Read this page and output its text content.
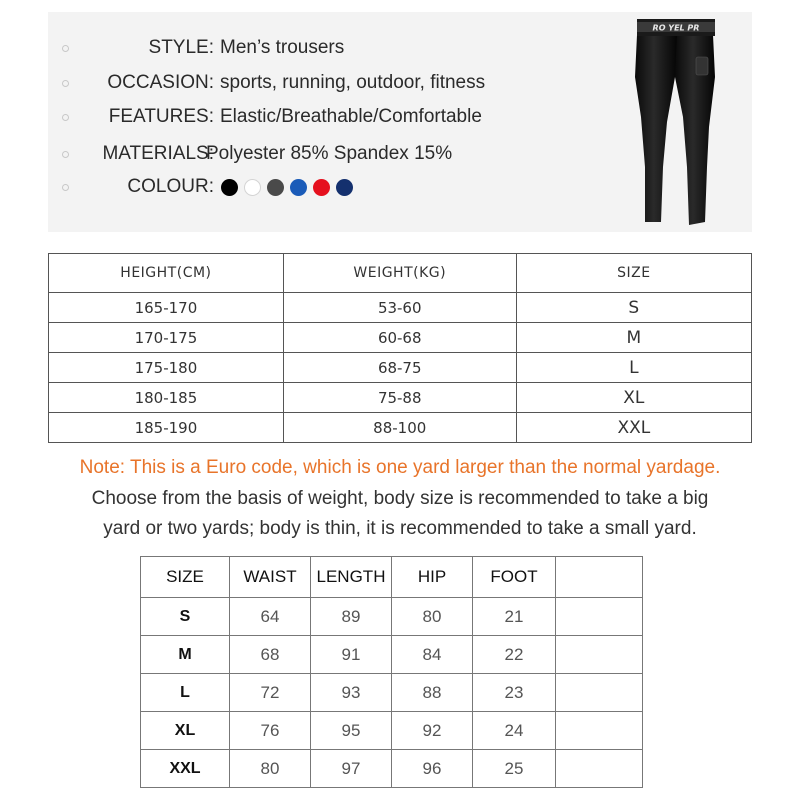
STYLE: Men’s trousers
OCCASION: sports, running, outdoor, fitness
FEATURES: Elastic/Breathable/Comfortable
MATERIALS:
Polyester 85% Spandex 15%
COLOUR:
RO YEL PR
HEIGHT(CM)	WEIGHT(KG)	SIZE
165-170	53-60	S
170-175	60-68	M
175-180	68-75	L
180-185	75-88	XL
185-190	88-100	XXL
Note: This is a Euro code, which is one yard larger than the normal yardage.
Choose from the basis of weight, body size is recommended to take a big
yard or two yards; body is thin, it is recommended to take a small yard.
SIZE	WAIST	LENGTH	HIP	FOOT	
S	64	89	80	21	
M	68	91	84	22	
L	72	93	88	23	
XL	76	95	92	24	
XXL	80	97	96	25	
